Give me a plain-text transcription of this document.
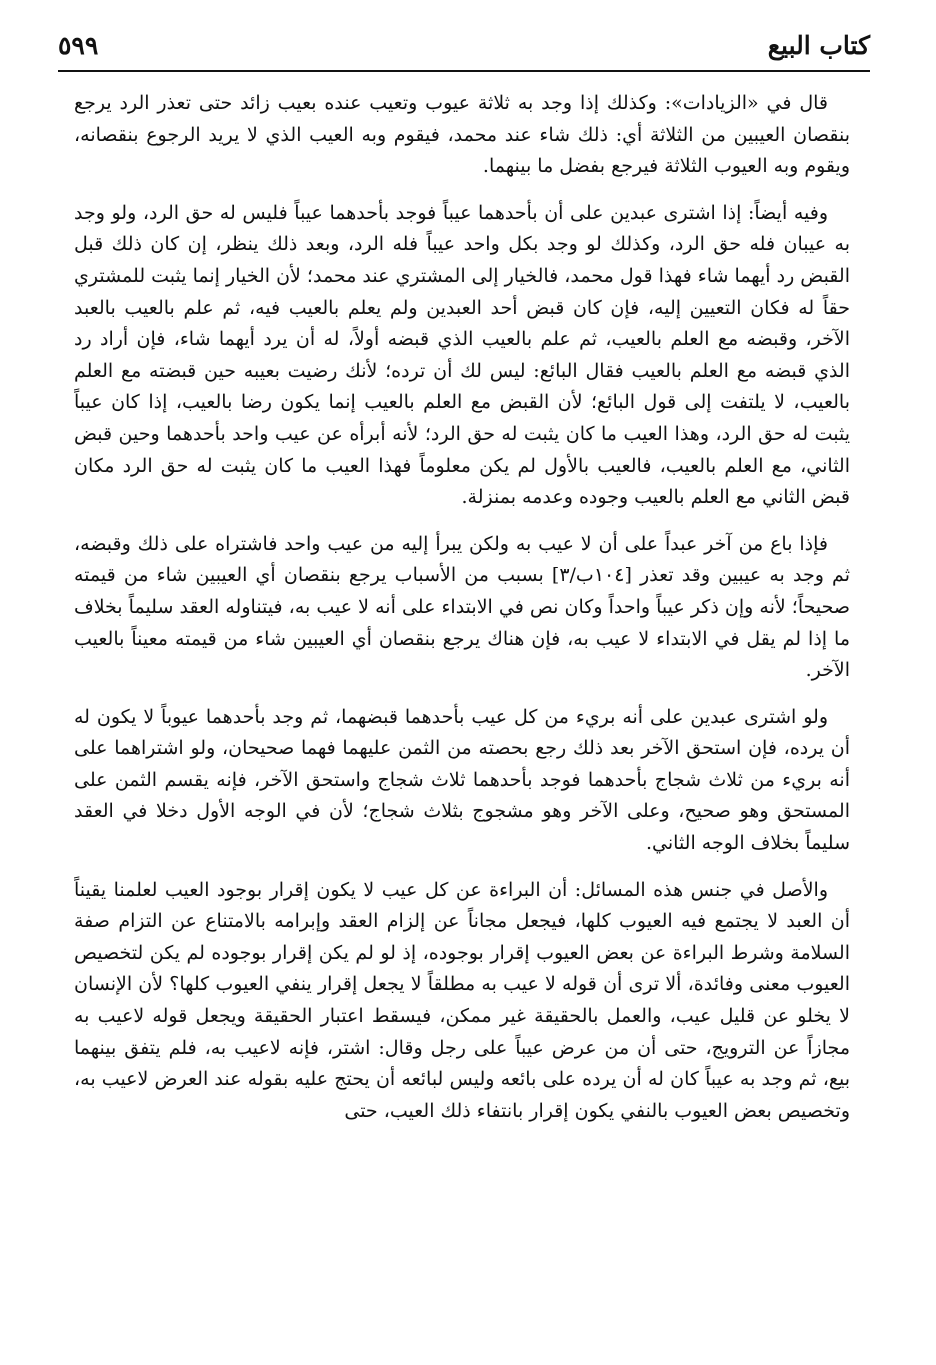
كتاب البيع
٥٩٩

قال في «الزيادات»: وكذلك إذا وجد به ثلاثة عيوب وتعيب عنده بعيب زائد حتى تعذر الرد يرجع بنقصان العيبين من الثلاثة أي: ذلك شاء عند محمد، فيقوم وبه العيب الذي لا يريد الرجوع بنقصانه، ويقوم وبه العيوب الثلاثة فيرجع بفضل ما بينهما.

وفيه أيضاً: إذا اشترى عبدين على أن بأحدهما عيباً فوجد بأحدهما عيباً فليس له حق الرد، ولو وجد به عيبان فله حق الرد، وكذلك لو وجد بكل واحد عيباً فله الرد، وبعد ذلك ينظر، إن كان ذلك قبل القبض رد أيهما شاء فهذا قول محمد، فالخيار إلى المشتري عند محمد؛ لأن الخيار إنما يثبت للمشتري حقاً له فكان التعيين إليه، فإن كان قبض أحد العبدين ولم يعلم بالعيب فيه، ثم علم بالعيب بالعبد الآخر، وقبضه مع العلم بالعيب، ثم علم بالعيب الذي قبضه أولاً، له أن يرد أيهما شاء، فإن أراد رد الذي قبضه مع العلم بالعيب فقال البائع: ليس لك أن ترده؛ لأنك رضيت بعيبه حين قبضته مع العلم بالعيب، لا يلتفت إلى قول البائع؛ لأن القبض مع العلم بالعيب إنما يكون رضا بالعيب، إذا كان عيباً يثبت له حق الرد، وهذا العيب ما كان يثبت له حق الرد؛ لأنه أبرأه عن عيب واحد بأحدهما وحين قبض الثاني، مع العلم بالعيب، فالعيب بالأول لم يكن معلوماً فهذا العيب ما كان يثبت له حق الرد مكان قبض الثاني مع العلم بالعيب وجوده وعدمه بمنزلة.

فإذا باع من آخر عبداً على أن لا عيب به ولكن يبرأ إليه من عيب واحد فاشتراه على ذلك وقبضه، ثم وجد به عيبين وقد تعذر [١٠٤ب/٣] بسبب من الأسباب يرجع بنقصان أي العيبين شاء من قيمته صحيحاً؛ لأنه وإن ذكر عيباً واحداً وكان نص في الابتداء على أنه لا عيب به، فيتناوله العقد سليماً بخلاف ما إذا لم يقل في الابتداء لا عيب به، فإن هناك يرجع بنقصان أي العيبين شاء من قيمته معيناً بالعيب الآخر.

ولو اشترى عبدين على أنه بريء من كل عيب بأحدهما قبضهما، ثم وجد بأحدهما عيوباً لا يكون له أن يرده، فإن استحق الآخر بعد ذلك رجع بحصته من الثمن عليهما فهما صحيحان، ولو اشتراهما على أنه بريء من ثلاث شجاج بأحدهما فوجد بأحدهما ثلاث شجاج واستحق الآخر، فإنه يقسم الثمن على المستحق وهو صحيح، وعلى الآخر وهو مشجوج بثلاث شجاج؛ لأن في الوجه الأول دخلا في العقد سليماً بخلاف الوجه الثاني.

والأصل في جنس هذه المسائل: أن البراءة عن كل عيب لا يكون إقرار بوجود العيب لعلمنا يقيناً أن العبد لا يجتمع فيه العيوب كلها، فيجعل مجاناً عن إلزام العقد وإبرامه بالامتناع عن التزام صفة السلامة وشرط البراءة عن بعض العيوب إقرار بوجوده، إذ لو لم يكن إقرار بوجوده لم يكن لتخصيص العيوب معنى وفائدة، ألا ترى أن قوله لا عيب به مطلقاً لا يجعل إقرار ينفي العيوب كلها؟ لأن الإنسان لا يخلو عن قليل عيب، والعمل بالحقيقة غير ممكن، فيسقط اعتبار الحقيقة ويجعل قوله لاعيب به مجازاً عن الترويج، حتى أن من عرض عيباً على رجل وقال: اشتر، فإنه لاعيب به، فلم يتفق بينهما بيع، ثم وجد به عيباً كان له أن يرده على بائعه وليس لبائعه أن يحتج عليه بقوله عند العرض لاعيب به، وتخصيص بعض العيوب بالنفي يكون إقرار بانتفاء ذلك العيب، حتى
